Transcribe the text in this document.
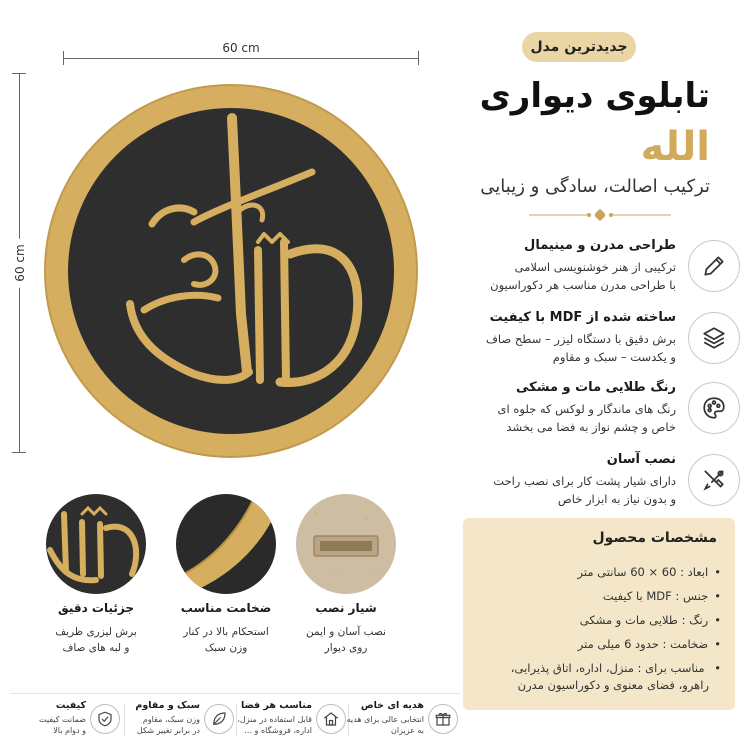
60 cm
60 cm
جدیدترین مدل
تابلوی دیواری
الله
ترکیب اصالت، سادگی و زیبایی
طراحی مدرن و مینیمال
ترکیبی از هنر خوشنویسی اسلامی
با طراحی مدرن مناسب هر دکوراسیون
ساخته شده از MDF با کیفیت
برش دقیق با دستگاه لیزر – سطح صاف
و یکدست – سبک و مقاوم
رنگ طلایی مات و مشکی
رنگ های ماندگار و لوکس که جلوه ای
خاص و چشم نواز به فضا می بخشد
نصب آسان
دارای شیار پشت کار برای نصب راحت
و بدون نیاز به ابزار خاص
مشخصات محصول
• ابعاد : 60 × 60 سانتی متر
• جنس : MDF با کیفیت
• رنگ : طلایی مات و مشکی
• ضخامت : حدود 6 میلی متر
• مناسب برای : منزل، اداره، اتاق پذیرایی،
راهرو، فضای معنوی و دکوراسیون مدرن
جزئیات دقیق
برش لیزری ظریف
و لبه های صاف
ضخامت مناسب
استحکام بالا در کنار
وزن سبک
شیار نصب
نصب آسان و ایمن
روی دیوار
کیفیت
ضمانت کیفیت
و دوام بالا
سبک و مقاوم
وزن سبک، مقاوم
در برابر تغییر شکل
مناسب هر فضا
قابل استفاده در منزل،
اداره، فروشگاه و ...
هدیه ای خاص
انتخابی عالی برای هدیه
به عزیزان
